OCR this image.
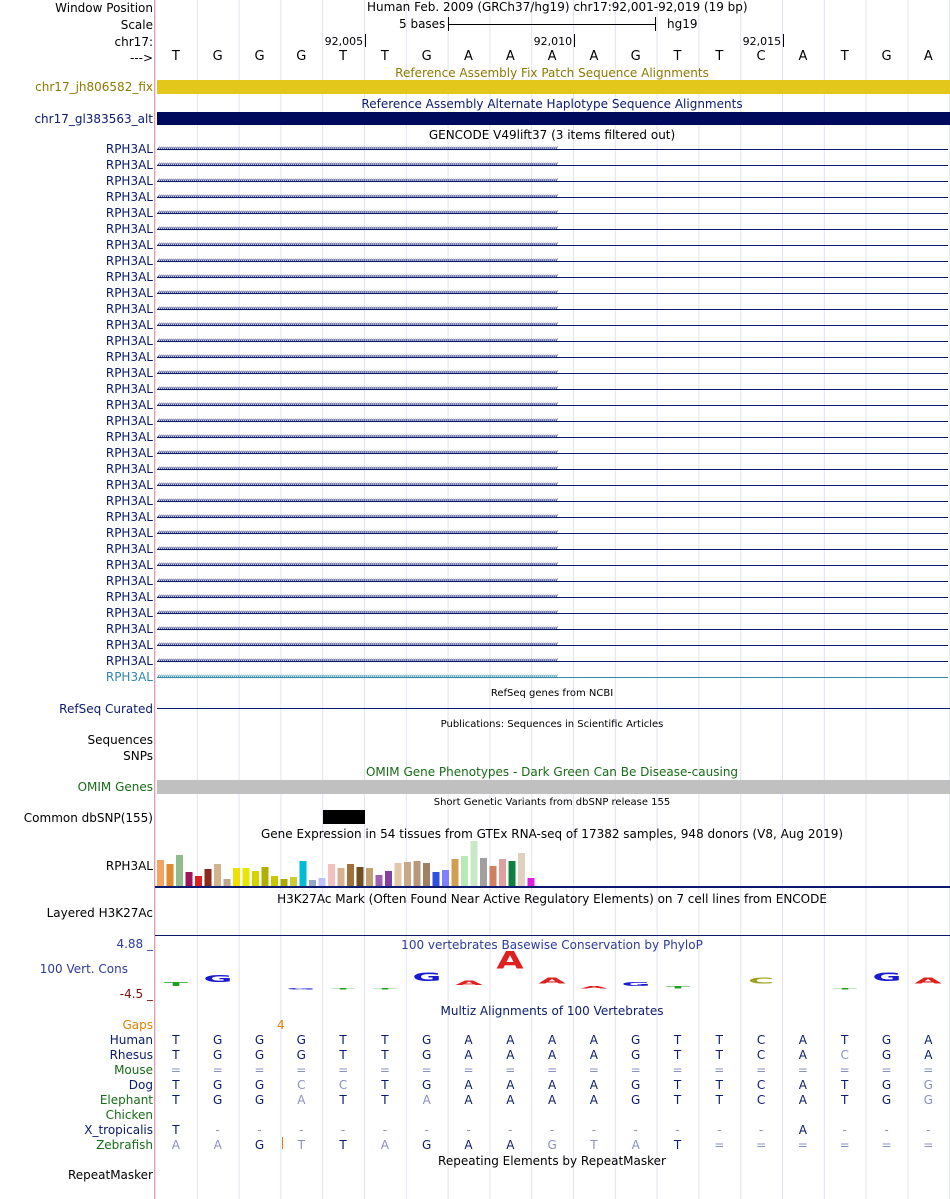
Window Position
Scale
chr17:
--->
Human Feb. 2009 (GRCh37/hg19) chr17:92,001-92,019 (19 bp)
5 bases	hg19
92,005	92,010	92,015
T	G G G	T	T	G A	A	A	A G	T	T	C	A	T	G A
Reference Assembly Fix Patch Sequence Alignments
chr17_jh806582_fix
Reference Assembly Alternate Haplotype Sequence Alignments
chr17_gl383563_alt
GENCODE V49lift37 (3 items filtered out)
RPH3AL ‹‹‹‹‹‹‹‹‹‹‹‹‹‹‹‹‹‹‹‹‹‹‹‹‹‹‹‹‹‹‹‹‹‹‹‹‹‹‹‹‹‹‹‹‹‹‹‹‹‹‹‹‹‹‹‹‹‹‹‹‹‹‹‹‹‹‹‹‹‹‹‹‹‹‹‹‹‹‹‹‹‹‹‹‹‹‹‹‹‹‹‹‹‹‹‹‹‹‹‹‹‹‹‹‹‹‹‹‹‹‹‹‹‹‹‹‹‹‹‹‹‹‹‹‹‹‹‹‹‹‹‹‹‹‹‹‹‹‹‹‹‹‹‹‹‹‹‹‹‹‹‹‹‹‹‹‹‹‹‹‹‹‹‹‹‹‹‹‹‹‹‹‹‹‹‹‹‹‹‹‹‹‹‹‹‹‹‹‹‹‹‹‹‹‹‹‹‹‹‹
RPH3AL ‹‹‹‹‹‹‹‹‹‹‹‹‹‹‹‹‹‹‹‹‹‹‹‹‹‹‹‹‹‹‹‹‹‹‹‹‹‹‹‹‹‹‹‹‹‹‹‹‹‹‹‹‹‹‹‹‹‹‹‹‹‹‹‹‹‹‹‹‹‹‹‹‹‹‹‹‹‹‹‹‹‹‹‹‹‹‹‹‹‹‹‹‹‹‹‹‹‹‹‹‹‹‹‹‹‹‹‹‹‹‹‹‹‹‹‹‹‹‹‹‹‹‹‹‹‹‹‹‹‹‹‹‹‹‹‹‹‹‹‹‹‹‹‹‹‹‹‹‹‹‹‹‹‹‹‹‹‹‹‹‹‹‹‹‹‹‹‹‹‹‹‹‹‹‹‹‹‹‹‹‹‹‹‹‹‹‹‹‹‹‹‹‹‹‹‹‹‹‹‹
RPH3AL ‹‹‹‹‹‹‹‹‹‹‹‹‹‹‹‹‹‹‹‹‹‹‹‹‹‹‹‹‹‹‹‹‹‹‹‹‹‹‹‹‹‹‹‹‹‹‹‹‹‹‹‹‹‹‹‹‹‹‹‹‹‹‹‹‹‹‹‹‹‹‹‹‹‹‹‹‹‹‹‹‹‹‹‹‹‹‹‹‹‹‹‹‹‹‹‹‹‹‹‹‹‹‹‹‹‹‹‹‹‹‹‹‹‹‹‹‹‹‹‹‹‹‹‹‹‹‹‹‹‹‹‹‹‹‹‹‹‹‹‹‹‹‹‹‹‹‹‹‹‹‹‹‹‹‹‹‹‹‹‹‹‹‹‹‹‹‹‹‹‹‹‹‹‹‹‹‹‹‹‹‹‹‹‹‹‹‹‹‹‹‹‹‹‹‹‹‹‹‹‹
RPH3AL ‹‹‹‹‹‹‹‹‹‹‹‹‹‹‹‹‹‹‹‹‹‹‹‹‹‹‹‹‹‹‹‹‹‹‹‹‹‹‹‹‹‹‹‹‹‹‹‹‹‹‹‹‹‹‹‹‹‹‹‹‹‹‹‹‹‹‹‹‹‹‹‹‹‹‹‹‹‹‹‹‹‹‹‹‹‹‹‹‹‹‹‹‹‹‹‹‹‹‹‹‹‹‹‹‹‹‹‹‹‹‹‹‹‹‹‹‹‹‹‹‹‹‹‹‹‹‹‹‹‹‹‹‹‹‹‹‹‹‹‹‹‹‹‹‹‹‹‹‹‹‹‹‹‹‹‹‹‹‹‹‹‹‹‹‹‹‹‹‹‹‹‹‹‹‹‹‹‹‹‹‹‹‹‹‹‹‹‹‹‹‹‹‹‹‹‹‹‹‹‹
RPH3AL ‹‹‹‹‹‹‹‹‹‹‹‹‹‹‹‹‹‹‹‹‹‹‹‹‹‹‹‹‹‹‹‹‹‹‹‹‹‹‹‹‹‹‹‹‹‹‹‹‹‹‹‹‹‹‹‹‹‹‹‹‹‹‹‹‹‹‹‹‹‹‹‹‹‹‹‹‹‹‹‹‹‹‹‹‹‹‹‹‹‹‹‹‹‹‹‹‹‹‹‹‹‹‹‹‹‹‹‹‹‹‹‹‹‹‹‹‹‹‹‹‹‹‹‹‹‹‹‹‹‹‹‹‹‹‹‹‹‹‹‹‹‹‹‹‹‹‹‹‹‹‹‹‹‹‹‹‹‹‹‹‹‹‹‹‹‹‹‹‹‹‹‹‹‹‹‹‹‹‹‹‹‹‹‹‹‹‹‹‹‹‹‹‹‹‹‹‹‹‹‹
RPH3AL ‹‹‹‹‹‹‹‹‹‹‹‹‹‹‹‹‹‹‹‹‹‹‹‹‹‹‹‹‹‹‹‹‹‹‹‹‹‹‹‹‹‹‹‹‹‹‹‹‹‹‹‹‹‹‹‹‹‹‹‹‹‹‹‹‹‹‹‹‹‹‹‹‹‹‹‹‹‹‹‹‹‹‹‹‹‹‹‹‹‹‹‹‹‹‹‹‹‹‹‹‹‹‹‹‹‹‹‹‹‹‹‹‹‹‹‹‹‹‹‹‹‹‹‹‹‹‹‹‹‹‹‹‹‹‹‹‹‹‹‹‹‹‹‹‹‹‹‹‹‹‹‹‹‹‹‹‹‹‹‹‹‹‹‹‹‹‹‹‹‹‹‹‹‹‹‹‹‹‹‹‹‹‹‹‹‹‹‹‹‹‹‹‹‹‹‹‹‹‹‹
RPH3AL ‹‹‹‹‹‹‹‹‹‹‹‹‹‹‹‹‹‹‹‹‹‹‹‹‹‹‹‹‹‹‹‹‹‹‹‹‹‹‹‹‹‹‹‹‹‹‹‹‹‹‹‹‹‹‹‹‹‹‹‹‹‹‹‹‹‹‹‹‹‹‹‹‹‹‹‹‹‹‹‹‹‹‹‹‹‹‹‹‹‹‹‹‹‹‹‹‹‹‹‹‹‹‹‹‹‹‹‹‹‹‹‹‹‹‹‹‹‹‹‹‹‹‹‹‹‹‹‹‹‹‹‹‹‹‹‹‹‹‹‹‹‹‹‹‹‹‹‹‹‹‹‹‹‹‹‹‹‹‹‹‹‹‹‹‹‹‹‹‹‹‹‹‹‹‹‹‹‹‹‹‹‹‹‹‹‹‹‹‹‹‹‹‹‹‹‹‹‹‹‹
RPH3AL ‹‹‹‹‹‹‹‹‹‹‹‹‹‹‹‹‹‹‹‹‹‹‹‹‹‹‹‹‹‹‹‹‹‹‹‹‹‹‹‹‹‹‹‹‹‹‹‹‹‹‹‹‹‹‹‹‹‹‹‹‹‹‹‹‹‹‹‹‹‹‹‹‹‹‹‹‹‹‹‹‹‹‹‹‹‹‹‹‹‹‹‹‹‹‹‹‹‹‹‹‹‹‹‹‹‹‹‹‹‹‹‹‹‹‹‹‹‹‹‹‹‹‹‹‹‹‹‹‹‹‹‹‹‹‹‹‹‹‹‹‹‹‹‹‹‹‹‹‹‹‹‹‹‹‹‹‹‹‹‹‹‹‹‹‹‹‹‹‹‹‹‹‹‹‹‹‹‹‹‹‹‹‹‹‹‹‹‹‹‹‹‹‹‹‹‹‹‹‹‹
RPH3AL ‹‹‹‹‹‹‹‹‹‹‹‹‹‹‹‹‹‹‹‹‹‹‹‹‹‹‹‹‹‹‹‹‹‹‹‹‹‹‹‹‹‹‹‹‹‹‹‹‹‹‹‹‹‹‹‹‹‹‹‹‹‹‹‹‹‹‹‹‹‹‹‹‹‹‹‹‹‹‹‹‹‹‹‹‹‹‹‹‹‹‹‹‹‹‹‹‹‹‹‹‹‹‹‹‹‹‹‹‹‹‹‹‹‹‹‹‹‹‹‹‹‹‹‹‹‹‹‹‹‹‹‹‹‹‹‹‹‹‹‹‹‹‹‹‹‹‹‹‹‹‹‹‹‹‹‹‹‹‹‹‹‹‹‹‹‹‹‹‹‹‹‹‹‹‹‹‹‹‹‹‹‹‹‹‹‹‹‹‹‹‹‹‹‹‹‹‹‹‹‹
RPH3AL ‹‹‹‹‹‹‹‹‹‹‹‹‹‹‹‹‹‹‹‹‹‹‹‹‹‹‹‹‹‹‹‹‹‹‹‹‹‹‹‹‹‹‹‹‹‹‹‹‹‹‹‹‹‹‹‹‹‹‹‹‹‹‹‹‹‹‹‹‹‹‹‹‹‹‹‹‹‹‹‹‹‹‹‹‹‹‹‹‹‹‹‹‹‹‹‹‹‹‹‹‹‹‹‹‹‹‹‹‹‹‹‹‹‹‹‹‹‹‹‹‹‹‹‹‹‹‹‹‹‹‹‹‹‹‹‹‹‹‹‹‹‹‹‹‹‹‹‹‹‹‹‹‹‹‹‹‹‹‹‹‹‹‹‹‹‹‹‹‹‹‹‹‹‹‹‹‹‹‹‹‹‹‹‹‹‹‹‹‹‹‹‹‹‹‹‹‹‹‹‹
RPH3AL ‹‹‹‹‹‹‹‹‹‹‹‹‹‹‹‹‹‹‹‹‹‹‹‹‹‹‹‹‹‹‹‹‹‹‹‹‹‹‹‹‹‹‹‹‹‹‹‹‹‹‹‹‹‹‹‹‹‹‹‹‹‹‹‹‹‹‹‹‹‹‹‹‹‹‹‹‹‹‹‹‹‹‹‹‹‹‹‹‹‹‹‹‹‹‹‹‹‹‹‹‹‹‹‹‹‹‹‹‹‹‹‹‹‹‹‹‹‹‹‹‹‹‹‹‹‹‹‹‹‹‹‹‹‹‹‹‹‹‹‹‹‹‹‹‹‹‹‹‹‹‹‹‹‹‹‹‹‹‹‹‹‹‹‹‹‹‹‹‹‹‹‹‹‹‹‹‹‹‹‹‹‹‹‹‹‹‹‹‹‹‹‹‹‹‹‹‹‹‹‹
RPH3AL ‹‹‹‹‹‹‹‹‹‹‹‹‹‹‹‹‹‹‹‹‹‹‹‹‹‹‹‹‹‹‹‹‹‹‹‹‹‹‹‹‹‹‹‹‹‹‹‹‹‹‹‹‹‹‹‹‹‹‹‹‹‹‹‹‹‹‹‹‹‹‹‹‹‹‹‹‹‹‹‹‹‹‹‹‹‹‹‹‹‹‹‹‹‹‹‹‹‹‹‹‹‹‹‹‹‹‹‹‹‹‹‹‹‹‹‹‹‹‹‹‹‹‹‹‹‹‹‹‹‹‹‹‹‹‹‹‹‹‹‹‹‹‹‹‹‹‹‹‹‹‹‹‹‹‹‹‹‹‹‹‹‹‹‹‹‹‹‹‹‹‹‹‹‹‹‹‹‹‹‹‹‹‹‹‹‹‹‹‹‹‹‹‹‹‹‹‹‹‹‹
RPH3AL ‹‹‹‹‹‹‹‹‹‹‹‹‹‹‹‹‹‹‹‹‹‹‹‹‹‹‹‹‹‹‹‹‹‹‹‹‹‹‹‹‹‹‹‹‹‹‹‹‹‹‹‹‹‹‹‹‹‹‹‹‹‹‹‹‹‹‹‹‹‹‹‹‹‹‹‹‹‹‹‹‹‹‹‹‹‹‹‹‹‹‹‹‹‹‹‹‹‹‹‹‹‹‹‹‹‹‹‹‹‹‹‹‹‹‹‹‹‹‹‹‹‹‹‹‹‹‹‹‹‹‹‹‹‹‹‹‹‹‹‹‹‹‹‹‹‹‹‹‹‹‹‹‹‹‹‹‹‹‹‹‹‹‹‹‹‹‹‹‹‹‹‹‹‹‹‹‹‹‹‹‹‹‹‹‹‹‹‹‹‹‹‹‹‹‹‹‹‹‹‹
RPH3AL ‹‹‹‹‹‹‹‹‹‹‹‹‹‹‹‹‹‹‹‹‹‹‹‹‹‹‹‹‹‹‹‹‹‹‹‹‹‹‹‹‹‹‹‹‹‹‹‹‹‹‹‹‹‹‹‹‹‹‹‹‹‹‹‹‹‹‹‹‹‹‹‹‹‹‹‹‹‹‹‹‹‹‹‹‹‹‹‹‹‹‹‹‹‹‹‹‹‹‹‹‹‹‹‹‹‹‹‹‹‹‹‹‹‹‹‹‹‹‹‹‹‹‹‹‹‹‹‹‹‹‹‹‹‹‹‹‹‹‹‹‹‹‹‹‹‹‹‹‹‹‹‹‹‹‹‹‹‹‹‹‹‹‹‹‹‹‹‹‹‹‹‹‹‹‹‹‹‹‹‹‹‹‹‹‹‹‹‹‹‹‹‹‹‹‹‹‹‹‹‹
RPH3AL ‹‹‹‹‹‹‹‹‹‹‹‹‹‹‹‹‹‹‹‹‹‹‹‹‹‹‹‹‹‹‹‹‹‹‹‹‹‹‹‹‹‹‹‹‹‹‹‹‹‹‹‹‹‹‹‹‹‹‹‹‹‹‹‹‹‹‹‹‹‹‹‹‹‹‹‹‹‹‹‹‹‹‹‹‹‹‹‹‹‹‹‹‹‹‹‹‹‹‹‹‹‹‹‹‹‹‹‹‹‹‹‹‹‹‹‹‹‹‹‹‹‹‹‹‹‹‹‹‹‹‹‹‹‹‹‹‹‹‹‹‹‹‹‹‹‹‹‹‹‹‹‹‹‹‹‹‹‹‹‹‹‹‹‹‹‹‹‹‹‹‹‹‹‹‹‹‹‹‹‹‹‹‹‹‹‹‹‹‹‹‹‹‹‹‹‹‹‹‹‹
RPH3AL ‹‹‹‹‹‹‹‹‹‹‹‹‹‹‹‹‹‹‹‹‹‹‹‹‹‹‹‹‹‹‹‹‹‹‹‹‹‹‹‹‹‹‹‹‹‹‹‹‹‹‹‹‹‹‹‹‹‹‹‹‹‹‹‹‹‹‹‹‹‹‹‹‹‹‹‹‹‹‹‹‹‹‹‹‹‹‹‹‹‹‹‹‹‹‹‹‹‹‹‹‹‹‹‹‹‹‹‹‹‹‹‹‹‹‹‹‹‹‹‹‹‹‹‹‹‹‹‹‹‹‹‹‹‹‹‹‹‹‹‹‹‹‹‹‹‹‹‹‹‹‹‹‹‹‹‹‹‹‹‹‹‹‹‹‹‹‹‹‹‹‹‹‹‹‹‹‹‹‹‹‹‹‹‹‹‹‹‹‹‹‹‹‹‹‹‹‹‹‹‹
RPH3AL ‹‹‹‹‹‹‹‹‹‹‹‹‹‹‹‹‹‹‹‹‹‹‹‹‹‹‹‹‹‹‹‹‹‹‹‹‹‹‹‹‹‹‹‹‹‹‹‹‹‹‹‹‹‹‹‹‹‹‹‹‹‹‹‹‹‹‹‹‹‹‹‹‹‹‹‹‹‹‹‹‹‹‹‹‹‹‹‹‹‹‹‹‹‹‹‹‹‹‹‹‹‹‹‹‹‹‹‹‹‹‹‹‹‹‹‹‹‹‹‹‹‹‹‹‹‹‹‹‹‹‹‹‹‹‹‹‹‹‹‹‹‹‹‹‹‹‹‹‹‹‹‹‹‹‹‹‹‹‹‹‹‹‹‹‹‹‹‹‹‹‹‹‹‹‹‹‹‹‹‹‹‹‹‹‹‹‹‹‹‹‹‹‹‹‹‹‹‹‹‹
RPH3AL ‹‹‹‹‹‹‹‹‹‹‹‹‹‹‹‹‹‹‹‹‹‹‹‹‹‹‹‹‹‹‹‹‹‹‹‹‹‹‹‹‹‹‹‹‹‹‹‹‹‹‹‹‹‹‹‹‹‹‹‹‹‹‹‹‹‹‹‹‹‹‹‹‹‹‹‹‹‹‹‹‹‹‹‹‹‹‹‹‹‹‹‹‹‹‹‹‹‹‹‹‹‹‹‹‹‹‹‹‹‹‹‹‹‹‹‹‹‹‹‹‹‹‹‹‹‹‹‹‹‹‹‹‹‹‹‹‹‹‹‹‹‹‹‹‹‹‹‹‹‹‹‹‹‹‹‹‹‹‹‹‹‹‹‹‹‹‹‹‹‹‹‹‹‹‹‹‹‹‹‹‹‹‹‹‹‹‹‹‹‹‹‹‹‹‹‹‹‹‹‹
RPH3AL ‹‹‹‹‹‹‹‹‹‹‹‹‹‹‹‹‹‹‹‹‹‹‹‹‹‹‹‹‹‹‹‹‹‹‹‹‹‹‹‹‹‹‹‹‹‹‹‹‹‹‹‹‹‹‹‹‹‹‹‹‹‹‹‹‹‹‹‹‹‹‹‹‹‹‹‹‹‹‹‹‹‹‹‹‹‹‹‹‹‹‹‹‹‹‹‹‹‹‹‹‹‹‹‹‹‹‹‹‹‹‹‹‹‹‹‹‹‹‹‹‹‹‹‹‹‹‹‹‹‹‹‹‹‹‹‹‹‹‹‹‹‹‹‹‹‹‹‹‹‹‹‹‹‹‹‹‹‹‹‹‹‹‹‹‹‹‹‹‹‹‹‹‹‹‹‹‹‹‹‹‹‹‹‹‹‹‹‹‹‹‹‹‹‹‹‹‹‹‹‹
RPH3AL ‹‹‹‹‹‹‹‹‹‹‹‹‹‹‹‹‹‹‹‹‹‹‹‹‹‹‹‹‹‹‹‹‹‹‹‹‹‹‹‹‹‹‹‹‹‹‹‹‹‹‹‹‹‹‹‹‹‹‹‹‹‹‹‹‹‹‹‹‹‹‹‹‹‹‹‹‹‹‹‹‹‹‹‹‹‹‹‹‹‹‹‹‹‹‹‹‹‹‹‹‹‹‹‹‹‹‹‹‹‹‹‹‹‹‹‹‹‹‹‹‹‹‹‹‹‹‹‹‹‹‹‹‹‹‹‹‹‹‹‹‹‹‹‹‹‹‹‹‹‹‹‹‹‹‹‹‹‹‹‹‹‹‹‹‹‹‹‹‹‹‹‹‹‹‹‹‹‹‹‹‹‹‹‹‹‹‹‹‹‹‹‹‹‹‹‹‹‹‹‹
RPH3AL ‹‹‹‹‹‹‹‹‹‹‹‹‹‹‹‹‹‹‹‹‹‹‹‹‹‹‹‹‹‹‹‹‹‹‹‹‹‹‹‹‹‹‹‹‹‹‹‹‹‹‹‹‹‹‹‹‹‹‹‹‹‹‹‹‹‹‹‹‹‹‹‹‹‹‹‹‹‹‹‹‹‹‹‹‹‹‹‹‹‹‹‹‹‹‹‹‹‹‹‹‹‹‹‹‹‹‹‹‹‹‹‹‹‹‹‹‹‹‹‹‹‹‹‹‹‹‹‹‹‹‹‹‹‹‹‹‹‹‹‹‹‹‹‹‹‹‹‹‹‹‹‹‹‹‹‹‹‹‹‹‹‹‹‹‹‹‹‹‹‹‹‹‹‹‹‹‹‹‹‹‹‹‹‹‹‹‹‹‹‹‹‹‹‹‹‹‹‹‹‹
RPH3AL ‹‹‹‹‹‹‹‹‹‹‹‹‹‹‹‹‹‹‹‹‹‹‹‹‹‹‹‹‹‹‹‹‹‹‹‹‹‹‹‹‹‹‹‹‹‹‹‹‹‹‹‹‹‹‹‹‹‹‹‹‹‹‹‹‹‹‹‹‹‹‹‹‹‹‹‹‹‹‹‹‹‹‹‹‹‹‹‹‹‹‹‹‹‹‹‹‹‹‹‹‹‹‹‹‹‹‹‹‹‹‹‹‹‹‹‹‹‹‹‹‹‹‹‹‹‹‹‹‹‹‹‹‹‹‹‹‹‹‹‹‹‹‹‹‹‹‹‹‹‹‹‹‹‹‹‹‹‹‹‹‹‹‹‹‹‹‹‹‹‹‹‹‹‹‹‹‹‹‹‹‹‹‹‹‹‹‹‹‹‹‹‹‹‹‹‹‹‹‹‹
RPH3AL ‹‹‹‹‹‹‹‹‹‹‹‹‹‹‹‹‹‹‹‹‹‹‹‹‹‹‹‹‹‹‹‹‹‹‹‹‹‹‹‹‹‹‹‹‹‹‹‹‹‹‹‹‹‹‹‹‹‹‹‹‹‹‹‹‹‹‹‹‹‹‹‹‹‹‹‹‹‹‹‹‹‹‹‹‹‹‹‹‹‹‹‹‹‹‹‹‹‹‹‹‹‹‹‹‹‹‹‹‹‹‹‹‹‹‹‹‹‹‹‹‹‹‹‹‹‹‹‹‹‹‹‹‹‹‹‹‹‹‹‹‹‹‹‹‹‹‹‹‹‹‹‹‹‹‹‹‹‹‹‹‹‹‹‹‹‹‹‹‹‹‹‹‹‹‹‹‹‹‹‹‹‹‹‹‹‹‹‹‹‹‹‹‹‹‹‹‹‹‹‹
RPH3AL ‹‹‹‹‹‹‹‹‹‹‹‹‹‹‹‹‹‹‹‹‹‹‹‹‹‹‹‹‹‹‹‹‹‹‹‹‹‹‹‹‹‹‹‹‹‹‹‹‹‹‹‹‹‹‹‹‹‹‹‹‹‹‹‹‹‹‹‹‹‹‹‹‹‹‹‹‹‹‹‹‹‹‹‹‹‹‹‹‹‹‹‹‹‹‹‹‹‹‹‹‹‹‹‹‹‹‹‹‹‹‹‹‹‹‹‹‹‹‹‹‹‹‹‹‹‹‹‹‹‹‹‹‹‹‹‹‹‹‹‹‹‹‹‹‹‹‹‹‹‹‹‹‹‹‹‹‹‹‹‹‹‹‹‹‹‹‹‹‹‹‹‹‹‹‹‹‹‹‹‹‹‹‹‹‹‹‹‹‹‹‹‹‹‹‹‹‹‹‹‹
RPH3AL ‹‹‹‹‹‹‹‹‹‹‹‹‹‹‹‹‹‹‹‹‹‹‹‹‹‹‹‹‹‹‹‹‹‹‹‹‹‹‹‹‹‹‹‹‹‹‹‹‹‹‹‹‹‹‹‹‹‹‹‹‹‹‹‹‹‹‹‹‹‹‹‹‹‹‹‹‹‹‹‹‹‹‹‹‹‹‹‹‹‹‹‹‹‹‹‹‹‹‹‹‹‹‹‹‹‹‹‹‹‹‹‹‹‹‹‹‹‹‹‹‹‹‹‹‹‹‹‹‹‹‹‹‹‹‹‹‹‹‹‹‹‹‹‹‹‹‹‹‹‹‹‹‹‹‹‹‹‹‹‹‹‹‹‹‹‹‹‹‹‹‹‹‹‹‹‹‹‹‹‹‹‹‹‹‹‹‹‹‹‹‹‹‹‹‹‹‹‹‹‹
RPH3AL ‹‹‹‹‹‹‹‹‹‹‹‹‹‹‹‹‹‹‹‹‹‹‹‹‹‹‹‹‹‹‹‹‹‹‹‹‹‹‹‹‹‹‹‹‹‹‹‹‹‹‹‹‹‹‹‹‹‹‹‹‹‹‹‹‹‹‹‹‹‹‹‹‹‹‹‹‹‹‹‹‹‹‹‹‹‹‹‹‹‹‹‹‹‹‹‹‹‹‹‹‹‹‹‹‹‹‹‹‹‹‹‹‹‹‹‹‹‹‹‹‹‹‹‹‹‹‹‹‹‹‹‹‹‹‹‹‹‹‹‹‹‹‹‹‹‹‹‹‹‹‹‹‹‹‹‹‹‹‹‹‹‹‹‹‹‹‹‹‹‹‹‹‹‹‹‹‹‹‹‹‹‹‹‹‹‹‹‹‹‹‹‹‹‹‹‹‹‹‹‹
RPH3AL ‹‹‹‹‹‹‹‹‹‹‹‹‹‹‹‹‹‹‹‹‹‹‹‹‹‹‹‹‹‹‹‹‹‹‹‹‹‹‹‹‹‹‹‹‹‹‹‹‹‹‹‹‹‹‹‹‹‹‹‹‹‹‹‹‹‹‹‹‹‹‹‹‹‹‹‹‹‹‹‹‹‹‹‹‹‹‹‹‹‹‹‹‹‹‹‹‹‹‹‹‹‹‹‹‹‹‹‹‹‹‹‹‹‹‹‹‹‹‹‹‹‹‹‹‹‹‹‹‹‹‹‹‹‹‹‹‹‹‹‹‹‹‹‹‹‹‹‹‹‹‹‹‹‹‹‹‹‹‹‹‹‹‹‹‹‹‹‹‹‹‹‹‹‹‹‹‹‹‹‹‹‹‹‹‹‹‹‹‹‹‹‹‹‹‹‹‹‹‹‹
RPH3AL ‹‹‹‹‹‹‹‹‹‹‹‹‹‹‹‹‹‹‹‹‹‹‹‹‹‹‹‹‹‹‹‹‹‹‹‹‹‹‹‹‹‹‹‹‹‹‹‹‹‹‹‹‹‹‹‹‹‹‹‹‹‹‹‹‹‹‹‹‹‹‹‹‹‹‹‹‹‹‹‹‹‹‹‹‹‹‹‹‹‹‹‹‹‹‹‹‹‹‹‹‹‹‹‹‹‹‹‹‹‹‹‹‹‹‹‹‹‹‹‹‹‹‹‹‹‹‹‹‹‹‹‹‹‹‹‹‹‹‹‹‹‹‹‹‹‹‹‹‹‹‹‹‹‹‹‹‹‹‹‹‹‹‹‹‹‹‹‹‹‹‹‹‹‹‹‹‹‹‹‹‹‹‹‹‹‹‹‹‹‹‹‹‹‹‹‹‹‹‹‹
RPH3AL ‹‹‹‹‹‹‹‹‹‹‹‹‹‹‹‹‹‹‹‹‹‹‹‹‹‹‹‹‹‹‹‹‹‹‹‹‹‹‹‹‹‹‹‹‹‹‹‹‹‹‹‹‹‹‹‹‹‹‹‹‹‹‹‹‹‹‹‹‹‹‹‹‹‹‹‹‹‹‹‹‹‹‹‹‹‹‹‹‹‹‹‹‹‹‹‹‹‹‹‹‹‹‹‹‹‹‹‹‹‹‹‹‹‹‹‹‹‹‹‹‹‹‹‹‹‹‹‹‹‹‹‹‹‹‹‹‹‹‹‹‹‹‹‹‹‹‹‹‹‹‹‹‹‹‹‹‹‹‹‹‹‹‹‹‹‹‹‹‹‹‹‹‹‹‹‹‹‹‹‹‹‹‹‹‹‹‹‹‹‹‹‹‹‹‹‹‹‹‹‹
RPH3AL ‹‹‹‹‹‹‹‹‹‹‹‹‹‹‹‹‹‹‹‹‹‹‹‹‹‹‹‹‹‹‹‹‹‹‹‹‹‹‹‹‹‹‹‹‹‹‹‹‹‹‹‹‹‹‹‹‹‹‹‹‹‹‹‹‹‹‹‹‹‹‹‹‹‹‹‹‹‹‹‹‹‹‹‹‹‹‹‹‹‹‹‹‹‹‹‹‹‹‹‹‹‹‹‹‹‹‹‹‹‹‹‹‹‹‹‹‹‹‹‹‹‹‹‹‹‹‹‹‹‹‹‹‹‹‹‹‹‹‹‹‹‹‹‹‹‹‹‹‹‹‹‹‹‹‹‹‹‹‹‹‹‹‹‹‹‹‹‹‹‹‹‹‹‹‹‹‹‹‹‹‹‹‹‹‹‹‹‹‹‹‹‹‹‹‹‹‹‹‹‹
RPH3AL ‹‹‹‹‹‹‹‹‹‹‹‹‹‹‹‹‹‹‹‹‹‹‹‹‹‹‹‹‹‹‹‹‹‹‹‹‹‹‹‹‹‹‹‹‹‹‹‹‹‹‹‹‹‹‹‹‹‹‹‹‹‹‹‹‹‹‹‹‹‹‹‹‹‹‹‹‹‹‹‹‹‹‹‹‹‹‹‹‹‹‹‹‹‹‹‹‹‹‹‹‹‹‹‹‹‹‹‹‹‹‹‹‹‹‹‹‹‹‹‹‹‹‹‹‹‹‹‹‹‹‹‹‹‹‹‹‹‹‹‹‹‹‹‹‹‹‹‹‹‹‹‹‹‹‹‹‹‹‹‹‹‹‹‹‹‹‹‹‹‹‹‹‹‹‹‹‹‹‹‹‹‹‹‹‹‹‹‹‹‹‹‹‹‹‹‹‹‹‹‹
RPH3AL ‹‹‹‹‹‹‹‹‹‹‹‹‹‹‹‹‹‹‹‹‹‹‹‹‹‹‹‹‹‹‹‹‹‹‹‹‹‹‹‹‹‹‹‹‹‹‹‹‹‹‹‹‹‹‹‹‹‹‹‹‹‹‹‹‹‹‹‹‹‹‹‹‹‹‹‹‹‹‹‹‹‹‹‹‹‹‹‹‹‹‹‹‹‹‹‹‹‹‹‹‹‹‹‹‹‹‹‹‹‹‹‹‹‹‹‹‹‹‹‹‹‹‹‹‹‹‹‹‹‹‹‹‹‹‹‹‹‹‹‹‹‹‹‹‹‹‹‹‹‹‹‹‹‹‹‹‹‹‹‹‹‹‹‹‹‹‹‹‹‹‹‹‹‹‹‹‹‹‹‹‹‹‹‹‹‹‹‹‹‹‹‹‹‹‹‹‹‹‹‹
RPH3AL ‹‹‹‹‹‹‹‹‹‹‹‹‹‹‹‹‹‹‹‹‹‹‹‹‹‹‹‹‹‹‹‹‹‹‹‹‹‹‹‹‹‹‹‹‹‹‹‹‹‹‹‹‹‹‹‹‹‹‹‹‹‹‹‹‹‹‹‹‹‹‹‹‹‹‹‹‹‹‹‹‹‹‹‹‹‹‹‹‹‹‹‹‹‹‹‹‹‹‹‹‹‹‹‹‹‹‹‹‹‹‹‹‹‹‹‹‹‹‹‹‹‹‹‹‹‹‹‹‹‹‹‹‹‹‹‹‹‹‹‹‹‹‹‹‹‹‹‹‹‹‹‹‹‹‹‹‹‹‹‹‹‹‹‹‹‹‹‹‹‹‹‹‹‹‹‹‹‹‹‹‹‹‹‹‹‹‹‹‹‹‹‹‹‹‹‹‹‹‹‹
RPH3AL ‹‹‹‹‹‹‹‹‹‹‹‹‹‹‹‹‹‹‹‹‹‹‹‹‹‹‹‹‹‹‹‹‹‹‹‹‹‹‹‹‹‹‹‹‹‹‹‹‹‹‹‹‹‹‹‹‹‹‹‹‹‹‹‹‹‹‹‹‹‹‹‹‹‹‹‹‹‹‹‹‹‹‹‹‹‹‹‹‹‹‹‹‹‹‹‹‹‹‹‹‹‹‹‹‹‹‹‹‹‹‹‹‹‹‹‹‹‹‹‹‹‹‹‹‹‹‹‹‹‹‹‹‹‹‹‹‹‹‹‹‹‹‹‹‹‹‹‹‹‹‹‹‹‹‹‹‹‹‹‹‹‹‹‹‹‹‹‹‹‹‹‹‹‹‹‹‹‹‹‹‹‹‹‹‹‹‹‹‹‹‹‹‹‹‹‹‹‹‹‹
RefSeq genes from NCBI
RefSeq Curated
Publications: Sequences in Scientific Articles
Sequences
SNPs
OMIM Gene Phenotypes - Dark Green Can Be Disease-causing
OMIM Genes
Short Genetic Variants from dbSNP release 155
Common dbSNP(155)
Gene Expression in 54 tissues from GTEx RNA-seq of 17382 samples, 948 donors (V8, Aug 2019)
RPH3AL
H3K27Ac Mark (Often Found Near Active Regulatory Elements) on 7 cell lines from ENCODE
Layered H3K27Ac
100 vertebrates Basewise Conservation by PhyloP
4.88 _
100 Vert. Cons
-4.5 _
T
G
G T T
G A
A
A
A G T
C
T
G A
Multiz Alignments of 100 Vertebrates
Gaps	4
Human T	G	G	G	T	T	G	A	A	A	A	G	T	T	C	A	T	G	A
Rhesus T	G	G	G	T	T	G	A	A	A	A	G	T	T	C	A	C	G	A
Mouse =	=	=	=	=	=	=	=	=	=	=	=	=	=	=	=	=	=	=
Dog T	G	G	C	C	T	G	A	A	A	A	G	T	T	C	A	T	G	G
Elephant T	G	G	A	T	T	A	A	A	A	A	G	T	T	C	A	T	G	G
Chicken
X_tropicalis T	-	-	-	-	-	-	-	-	-	-	-	-	-	-	A	-	-	-
Zebrafish A	A	G	T	T	A	G	A	A	G	T	A	T	=	=	=	=	=	=
Repeating Elements by RepeatMasker
RepeatMasker
